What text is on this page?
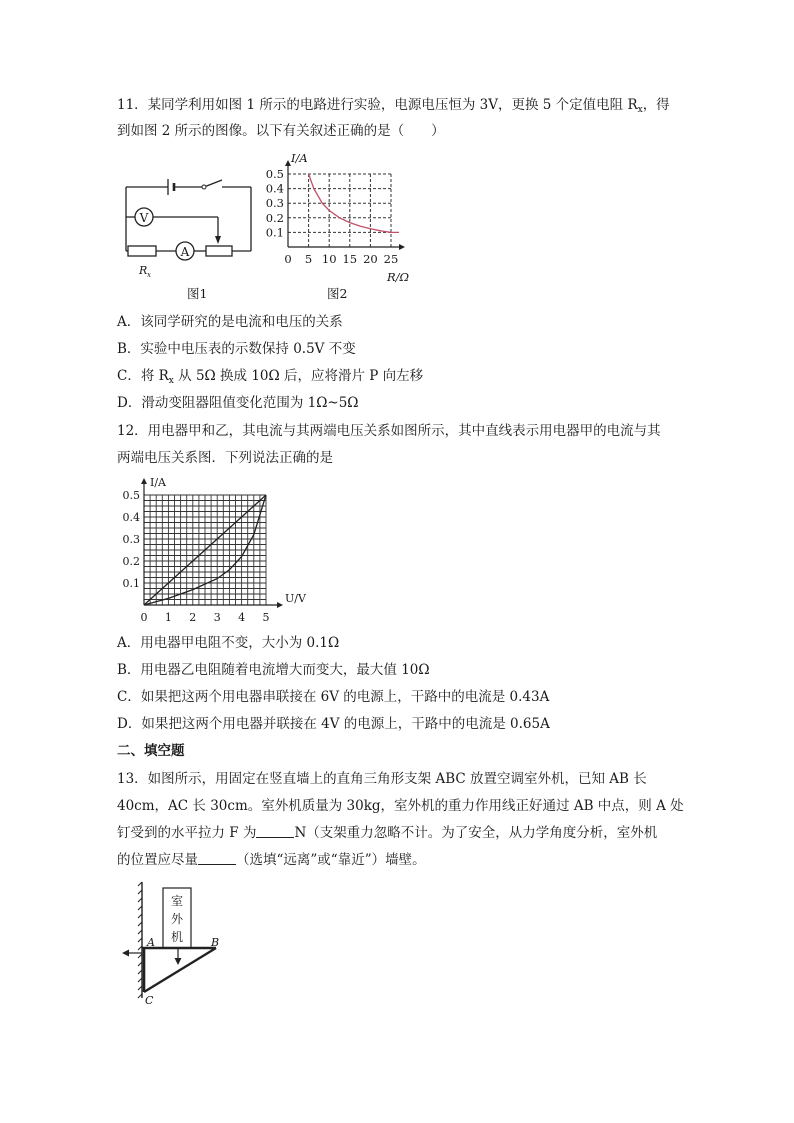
11．某同学利用如图 1 所示的电路进行实验，电源电压恒为 3V，更换 5 个定值电阻 $R_x$，得
到如图 2 所示的图像。以下有关叙述正确的是（　　）
V
A
R x
图1
0 5 10 15 20 25
0.1
0.2
0.3
0.4
0.5
I/A
R/Ω
图2
A．该同学研究的是电流和电压的关系
B．实验中电压表的示数保持 0.5V 不变
C．将 $R_x$ 从 5Ω 换成 10Ω 后，应将滑片 P 向左移
D．滑动变阻器阻值变化范围为 1Ω~5Ω
12．用电器甲和乙，其电流与其两端电压关系如图所示，其中直线表示用电器甲的电流与其
两端电压关系图．下列说法正确的是
0 1 2 3 4 5
0.1
0.2
0.3
0.4
0.5
I/A
U/V
A．用电器甲电阻不变，大小为 0.1Ω
B．用电器乙电阻随着电流增大而变大，最大值 10Ω
C．如果把这两个用电器串联接在 6V 的电源上，干路中的电流是 0.43A
D．如果把这两个用电器并联接在 4V 的电源上，干路中的电流是 0.65A
二、填空题
13．如图所示，用固定在竖直墙上的直角三角形支架 ABC 放置空调室外机，已知 AB 长
40cm，AC 长 30cm。室外机质量为 30kg，室外机的重力作用线正好通过 AB 中点，则 A 处
钉受到的水平拉力 F 为	N（支架重力忽略不计。为了安全，从力学角度分析，室外机
的位置应尽量	（选填“远离”或“靠近”）墙壁。
室
外
机
A	B
C
